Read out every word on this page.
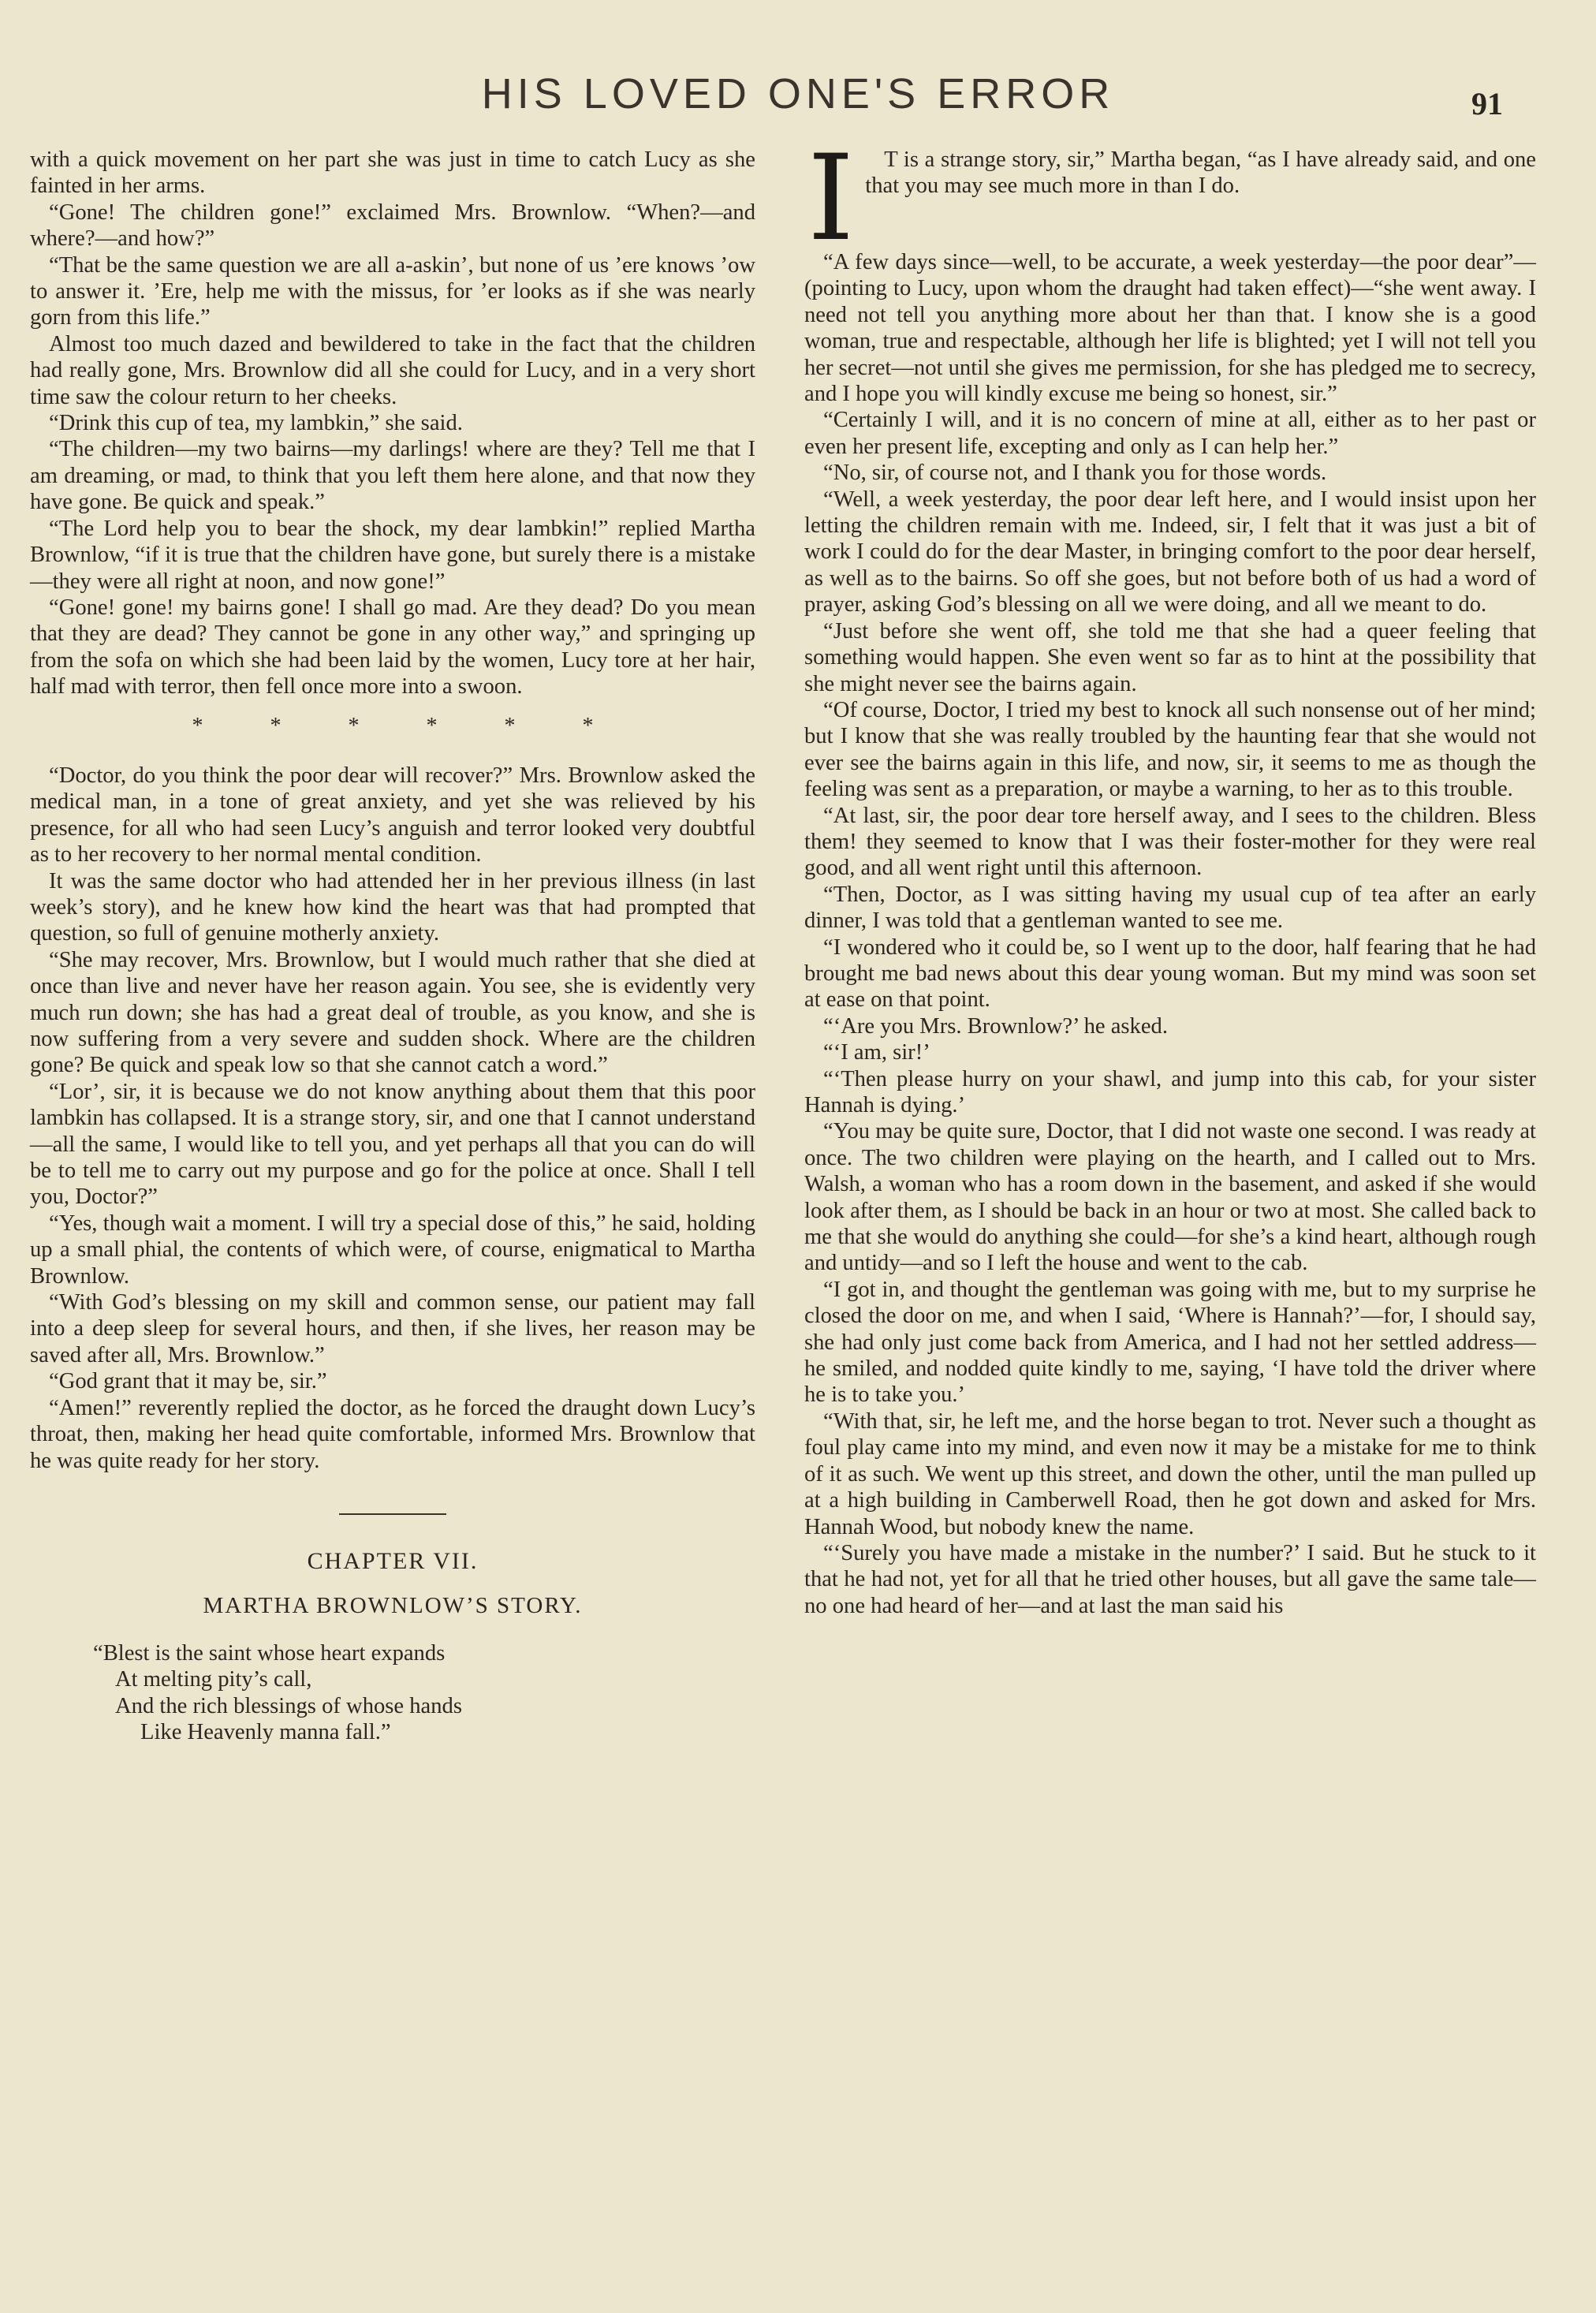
HIS LOVED ONE'S ERROR	91

with a quick movement on her part she was just in time to catch Lucy as she fainted in her arms.

“Gone! The children gone!” exclaimed Mrs. Brownlow. “When?—and where?—and how?”

“That be the same question we are all a-askin’, but none of us ’ere knows ’ow to answer it. ’Ere, help me with the missus, for ’er looks as if she was nearly gorn from this life.”

Almost too much dazed and bewildered to take in the fact that the children had really gone, Mrs. Brownlow did all she could for Lucy, and in a very short time saw the colour return to her cheeks.

“Drink this cup of tea, my lambkin,” she said.

“The children—my two bairns—my darlings! where are they? Tell me that I am dreaming, or mad, to think that you left them here alone, and that now they have gone. Be quick and speak.”

“The Lord help you to bear the shock, my dear lambkin!” replied Martha Brownlow, “if it is true that the children have gone, but surely there is a mistake—they were all right at noon, and now gone!”

“Gone! gone! my bairns gone! I shall go mad. Are they dead? Do you mean that they are dead? They cannot be gone in any other way,” and springing up from the sofa on which she had been laid by the women, Lucy tore at her hair, half mad with terror, then fell once more into a swoon.

* * * * * *

“Doctor, do you think the poor dear will recover?” Mrs. Brownlow asked the medical man, in a tone of great anxiety, and yet she was relieved by his presence, for all who had seen Lucy’s anguish and terror looked very doubtful as to her recovery to her normal mental condition.

It was the same doctor who had attended her in her previous illness (in last week’s story), and he knew how kind the heart was that had prompted that question, so full of genuine motherly anxiety.

“She may recover, Mrs. Brownlow, but I would much rather that she died at once than live and never have her reason again. You see, she is evidently very much run down; she has had a great deal of trouble, as you know, and she is now suffering from a very severe and sudden shock. Where are the children gone? Be quick and speak low so that she cannot catch a word.”

“Lor’, sir, it is because we do not know anything about them that this poor lambkin has collapsed. It is a strange story, sir, and one that I cannot understand—all the same, I would like to tell you, and yet perhaps all that you can do will be to tell me to carry out my purpose and go for the police at once. Shall I tell you, Doctor?”

“Yes, though wait a moment. I will try a special dose of this,” he said, holding up a small phial, the contents of which were, of course, enigmatical to Martha Brownlow.

“With God’s blessing on my skill and common sense, our patient may fall into a deep sleep for several hours, and then, if she lives, her reason may be saved after all, Mrs. Brownlow.”

“God grant that it may be, sir.”

“Amen!” reverently replied the doctor, as he forced the draught down Lucy’s throat, then, making her head quite comfortable, informed Mrs. Brownlow that he was quite ready for her story.

CHAPTER VII.
MARTHA BROWNLOW’S STORY.
“Blest is the saint whose heart expands
At melting pity’s call,
And the rich blessings of whose hands
Like Heavenly manna fall.”
I	T is a strange story, sir,” Martha began, “as I have already said, and one that you may see much more in than I do.

“A few days since—well, to be accurate, a week yesterday—the poor dear”—(pointing to Lucy, upon whom the draught had taken effect)—“she went away. I need not tell you anything more about her than that. I know she is a good woman, true and respectable, although her life is blighted; yet I will not tell you her secret—not until she gives me permission, for she has pledged me to secrecy, and I hope you will kindly excuse me being so honest, sir.”

“Certainly I will, and it is no concern of mine at all, either as to her past or even her present life, excepting and only as I can help her.”

“No, sir, of course not, and I thank you for those words.

“Well, a week yesterday, the poor dear left here, and I would insist upon her letting the children remain with me. Indeed, sir, I felt that it was just a bit of work I could do for the dear Master, in bringing comfort to the poor dear herself, as well as to the bairns. So off she goes, but not before both of us had a word of prayer, asking God’s blessing on all we were doing, and all we meant to do.

“Just before she went off, she told me that she had a queer feeling that something would happen. She even went so far as to hint at the possibility that she might never see the bairns again.

“Of course, Doctor, I tried my best to knock all such nonsense out of her mind; but I know that she was really troubled by the haunting fear that she would not ever see the bairns again in this life, and now, sir, it seems to me as though the feeling was sent as a preparation, or maybe a warning, to her as to this trouble.

“At last, sir, the poor dear tore herself away, and I sees to the children. Bless them! they seemed to know that I was their foster-mother for they were real good, and all went right until this afternoon.

“Then, Doctor, as I was sitting having my usual cup of tea after an early dinner, I was told that a gentleman wanted to see me.

“I wondered who it could be, so I went up to the door, half fearing that he had brought me bad news about this dear young woman. But my mind was soon set at ease on that point.

“‘Are you Mrs. Brownlow?’ he asked.

“‘I am, sir!’

“‘Then please hurry on your shawl, and jump into this cab, for your sister Hannah is dying.’

“You may be quite sure, Doctor, that I did not waste one second. I was ready at once. The two children were playing on the hearth, and I called out to Mrs. Walsh, a woman who has a room down in the basement, and asked if she would look after them, as I should be back in an hour or two at most. She called back to me that she would do anything she could—for she’s a kind heart, although rough and untidy—and so I left the house and went to the cab.

“I got in, and thought the gentleman was going with me, but to my surprise he closed the door on me, and when I said, ‘Where is Hannah?’—for, I should say, she had only just come back from America, and I had not her settled address—he smiled, and nodded quite kindly to me, saying, ‘I have told the driver where he is to take you.’

“With that, sir, he left me, and the horse began to trot. Never such a thought as foul play came into my mind, and even now it may be a mistake for me to think of it as such. We went up this street, and down the other, until the man pulled up at a high building in Camberwell Road, then he got down and asked for Mrs. Hannah Wood, but nobody knew the name.

“‘Surely you have made a mistake in the number?’ I said. But he stuck to it that he had not, yet for all that he tried other houses, but all gave the same tale—no one had heard of her—and at last the man said his
